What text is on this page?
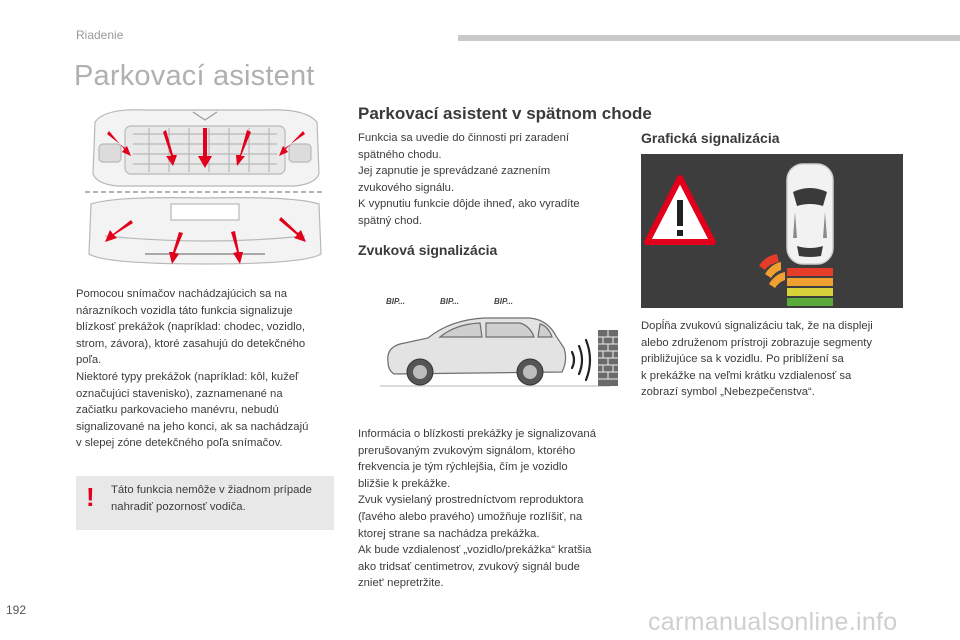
Riadenie
Parkovací asistent

Pomocou snímačov nachádzajúcich sa na

nárazníkoch vozidla táto funkcia signalizuje

blízkosť prekážok (napríklad: chodec, vozidlo,

strom, závora), ktoré zasahujú do detekčného

poľa.

Niektoré typy prekážok (napríklad: kôl, kužeľ

označujúci stavenisko), zaznamenané na

začiatku parkovacieho manévru, nebudú

signalizované na jeho konci, ak sa nachádzajú

v slepej zóne detekčného poľa snímačov.

! Táto funkcia nemôže v žiadnom prípade

nahradiť pozornosť vodiča.

Parkovací asistent v spätnom chode

Funkcia sa uvedie do činnosti pri zaradení

spätného chodu.

Jej zapnutie je sprevádzané zaznením

zvukového signálu.

K vypnutiu funkcie dôjde ihneď, ako vyradíte

spätný chod.

Zvuková signalizácia
BIP...	BIP...	BIP...

Informácia o blízkosti prekážky je signalizovaná

prerušovaným zvukovým signálom, ktorého

frekvencia je tým rýchlejšia, čím je vozidlo

bližšie k prekážke.

Zvuk vysielaný prostredníctvom reproduktora

(ľavého alebo pravého) umožňuje rozlíšiť, na

ktorej strane sa nachádza prekážka.

Ak bude vzdialenosť „vozidlo/prekážka“ kratšia

ako tridsať centimetrov, zvukový signál bude

zniet' nepretržite.

Grafická signalizácia

Dopĺňa zvukovú signalizáciu tak, že na displeji

alebo združenom prístroji zobrazuje segmenty

približujúce sa k vozidlu. Po priblížení sa

k prekážke na veľmi krátku vzdialenosť sa

zobrazí symbol „Nebezpečenstva“.

192	carmanualsonline.info
